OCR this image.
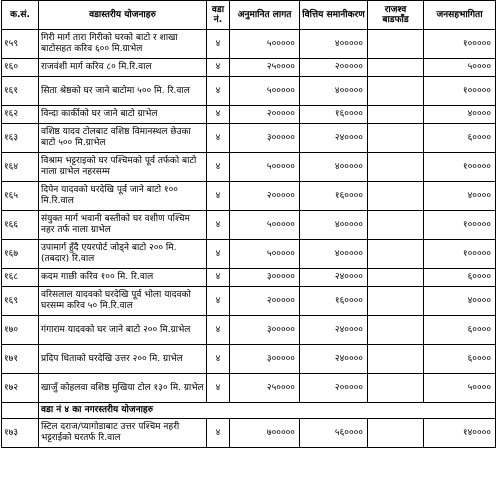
क.सं.	वडास्तरीय योजनाहरु	वडा नं.	अनुमानित लागत	वित्तिय समानीकरण	राजश्व बाडफाँड	जनसहभागिता
१५९	गिरी मार्ग तारा गिरीको घरको बाटो र शाखा बाटोसहत करिव ६०० मि.ग्राभेल	४	५०००००	४०००००		१०००००
१६०	राजवंशी मार्ग करिव ८० मि.रि.वाल	४	२५००००	२०००००		५००००
१६१	सिता श्रेष्ठको घर जाने बाटोमा ५०० मि. रि.वाल	४	५०००००	४०००००		१०००००
१६२	विन्दा कार्कीको घर जाने बाटो ग्राभेल	४	२०००००	१६००००		४००००
१६३	वशिष्ठ यादव टोलबाट वशिष्ठ विमानस्थल छेउका बाटो ५०० मि.ग्राभेल	४	३०००००	२४००००		६००००
१६४	विश्राम भट्टराइको घर पश्चिमको पूर्व तर्फको बाटो नाला ग्राभेल नहरसम्म	४	५०००००	४०००००		१०००००
१६५	दिपेन यादवको घरदेखि पूर्व जाने बाटो १०० मि.रि.वाल	४	२०००००	१६००००		४००००
१६६	संयुक्त मार्ग भवानी बस्तीको घर वशीण पश्चिम नहर तर्फ नाला ग्राभेल	४	५०००००	४०००००		१०००००
१६७	उपामार्ग हुँदै एयरपोर्ट जोड्ने बाटो २०० मि.(तबदार) रि.वाल	४	५०००००	४०००००		१०००००
१६८	कदम गाछी करिव १०० मि. रि.वाल	४	३०००००	२४००००		६००००
१६९	वरिसलाल यादवको घरदेखि पूर्व भोला यादवको घरसम्म करिव ५० मि.रि.वाल	४	२०००००	१६००००		४००००
१७०	गंगाराम यादवको घर जाने बाटो २०० मि.ग्राभेल	४	३०००००	२४००००		६००००
१७१	प्रदिप धिताको घरदेखि उत्तर २०० मि. ग्राभेल	४	३०००००	२४००००		६००००
१७२	खाजुँ कोहलवा वशिष्ठ मुखिया टोल १३० मि. ग्राभेल	४	२५००००	२०००००		५००००
	वडा नं ४ का नगरस्तरीय योजनाहरु					
१७३	स्टिल दराज/प्यागोडाबाट उत्तर पश्चिम नहरी भट्टराईको घरतर्फ रि.वाल	४	७०००००	५६००००		१४००००
